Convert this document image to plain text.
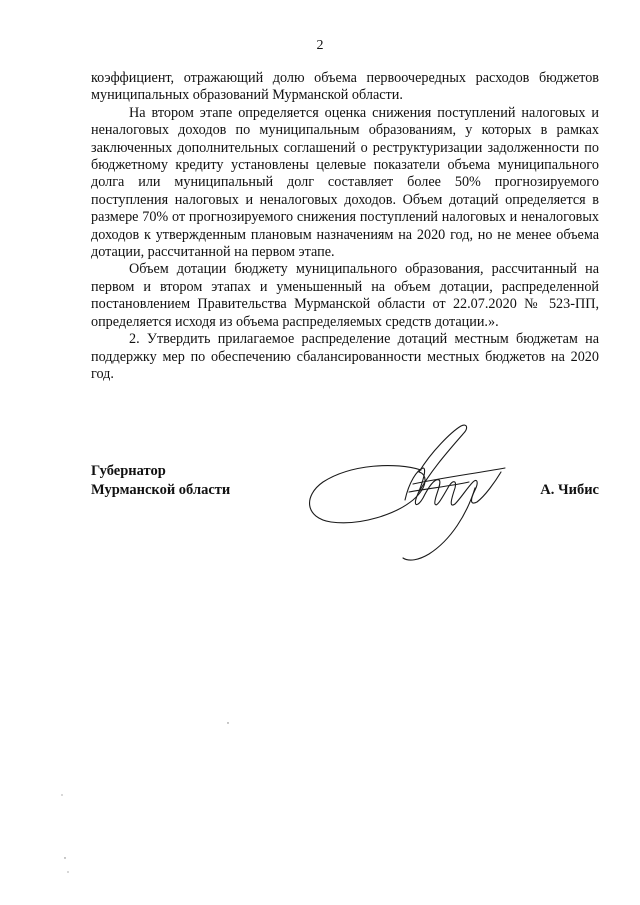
2

коэффициент, отражающий долю объема первоочередных расходов бюджетов муниципальных образований Мурманской области.

На втором этапе определяется оценка снижения поступлений налоговых и неналоговых доходов по муниципальным образованиям, у которых в рамках заключенных дополнительных соглашений о реструктуризации задолженности по бюджетному кредиту установлены целевые показатели объема муниципального долга или муниципальный долг составляет более 50% прогнозируемого поступления налоговых и неналоговых доходов. Объем дотаций определяется в размере 70% от прогнозируемого снижения поступлений налоговых и неналоговых доходов к утвержденным плановым назначениям на 2020 год, но не менее объема дотации, рассчитанной на первом этапе.

Объем дотации бюджету муниципального образования, рассчитанный на первом и втором этапах и уменьшенный на объем дотации, распределенной постановлением Правительства Мурманской области от 22.07.2020 № 523-ПП, определяется исходя из объема распределяемых средств дотации.».

2. Утвердить прилагаемое распределение дотаций местным бюджетам на поддержку мер по обеспечению сбалансированности местных бюджетов на 2020 год.

Губернатор
Мурманской области	А. Чибис
